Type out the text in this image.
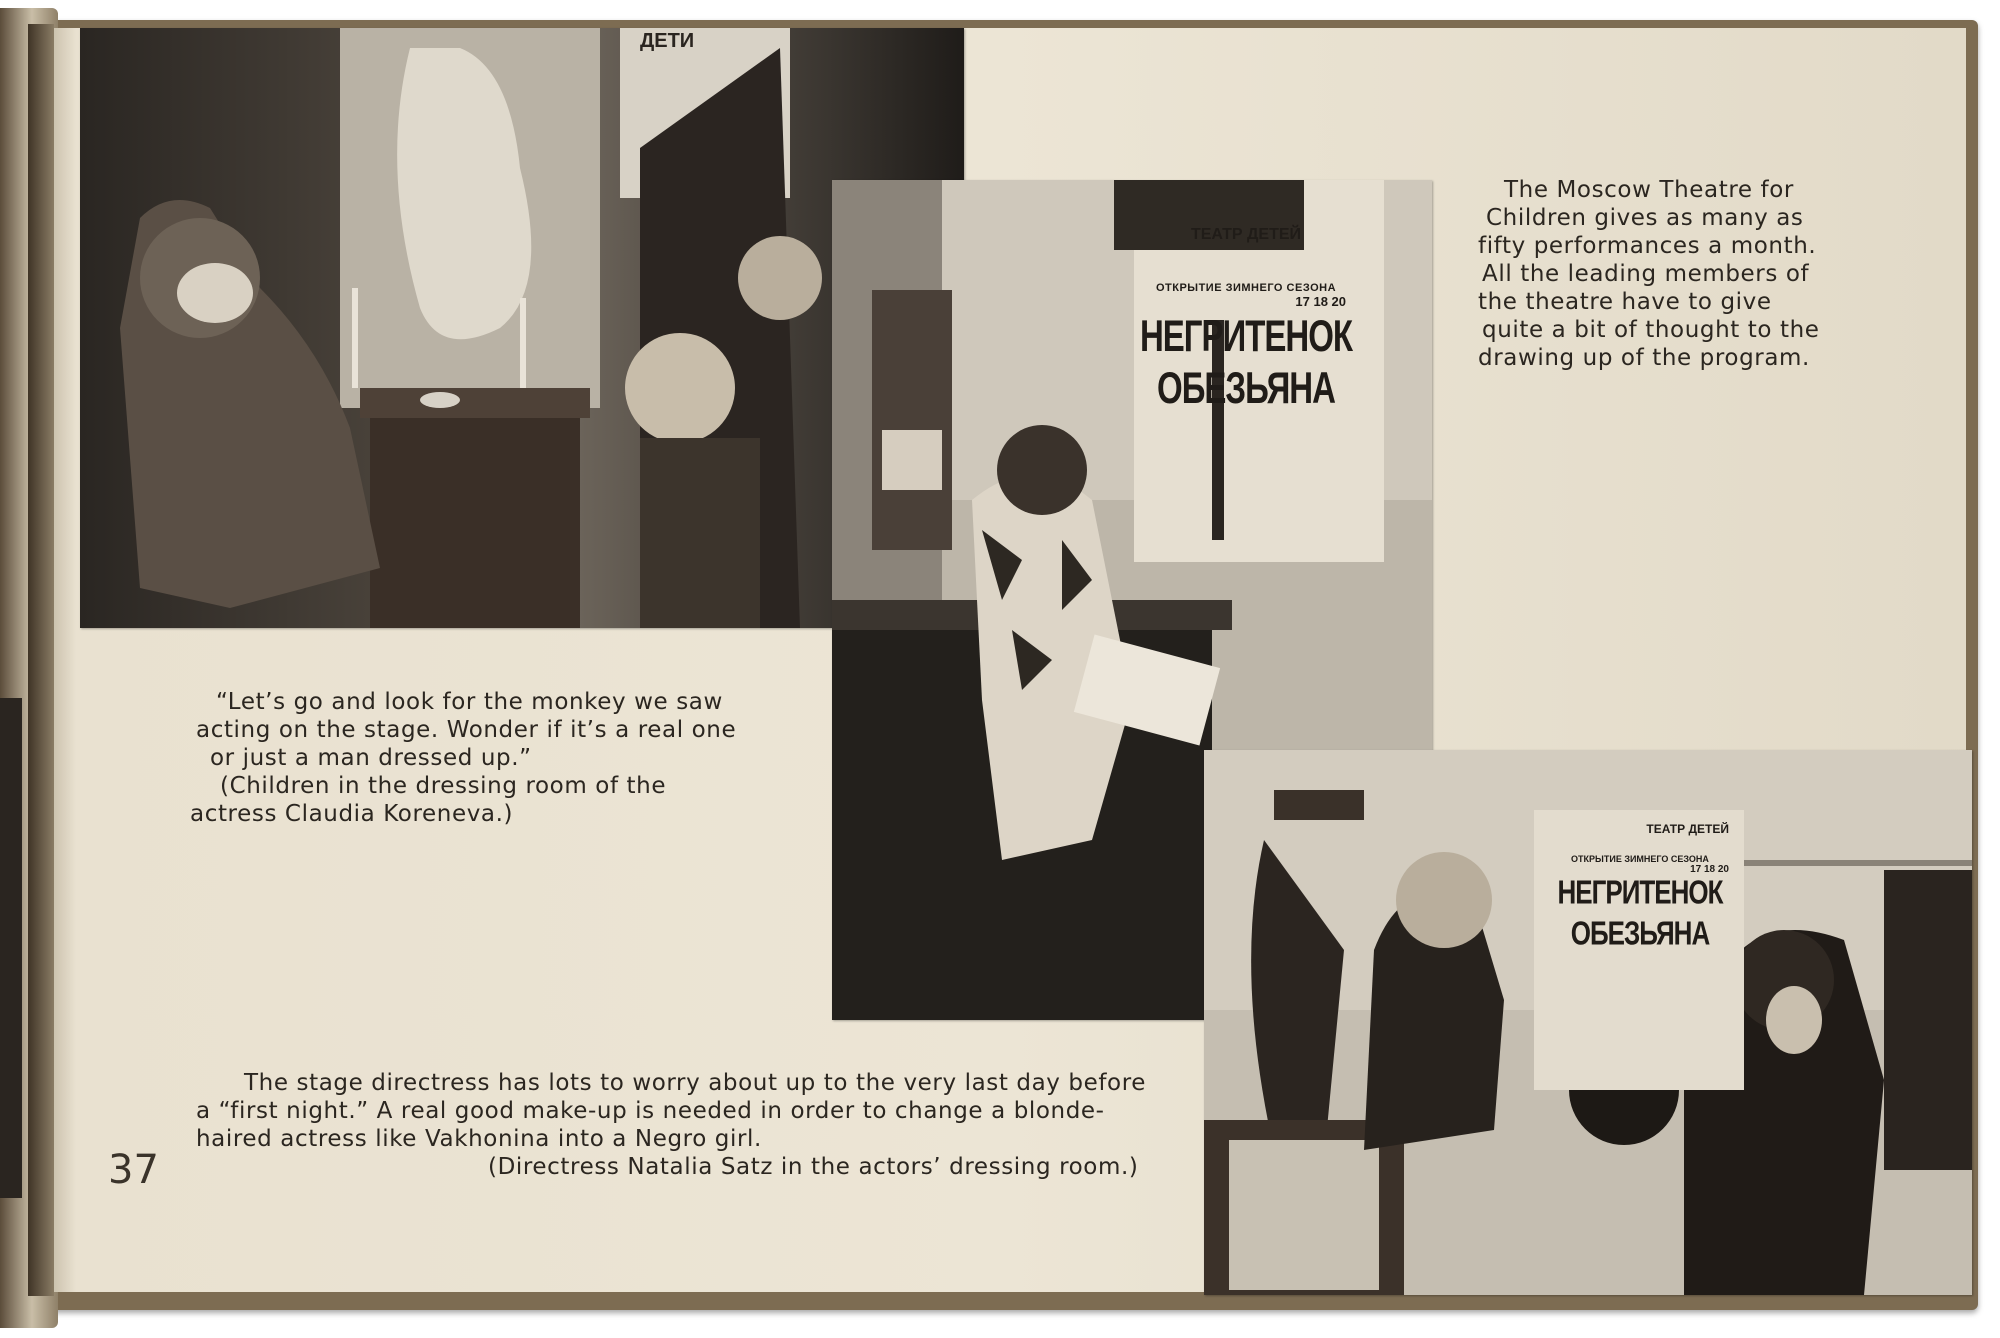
ТЕАТР ДЕТЕЙ
ОТКРЫТИЕ ЗИМНЕГО СЕЗОНА
17 18 20
НЕГРИТЕНОК
ОБЕЗЬЯНА
ТЕАТР ДЕТЕЙ
ОТКРЫТИЕ ЗИМНЕГО СЕЗОНА
17 18 20
НЕГРИТЕНОК
ОБЕЗЬЯНА
ДЕТИ

The Moscow Theatre for

Children gives as many as

fifty performances a month.

All the leading members of

the theatre have to give

quite a bit of thought to the

drawing up of the program.

“Let’s go and look for the monkey we saw

acting on the stage. Wonder if it’s a real one

or just a man dressed up.”

(Children in the dressing room of the

actress Claudia Koreneva.)

The stage directress has lots to worry about up to the very last day before

a “first night.” A real good make-up is needed in order to change a blonde-

haired actress like Vakhonina into a Negro girl.

(Directress Natalia Satz in the actors’ dressing room.)

37
